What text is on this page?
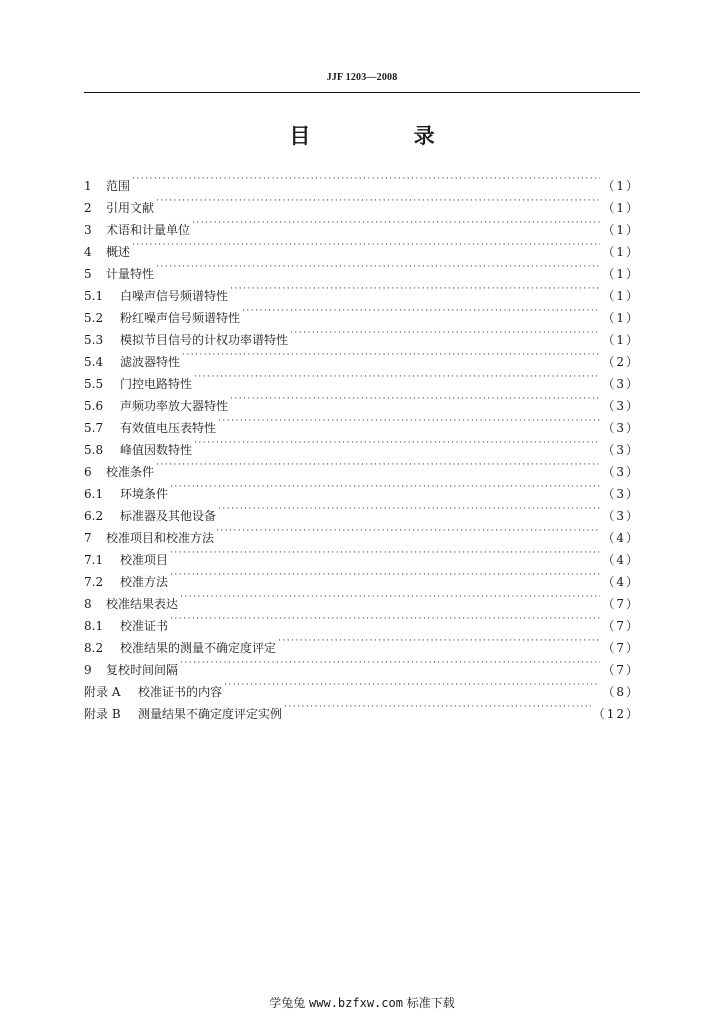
JJF 1203—2008
目 录
1	范围 ·····	（1）
2	引用文献 ·····	（1）
3	术语和计量单位 ·····	（1）
4	概述 ·····	（1）
5	计量特性 ·····	（1）
5.1	白噪声信号频谱特性 ·····	（1）
5.2	粉红噪声信号频谱特性 ·····	（1）
5.3	模拟节目信号的计权功率谱特性 ·····	（1）
5.4	滤波器特性 ·····	（2）
5.5	门控电路特性 ·····	（3）
5.6	声频功率放大器特性 ·····	（3）
5.7	有效值电压表特性 ·····	（3）
5.8	峰值因数特性 ·····	（3）
6	校准条件 ·····	（3）
6.1	环境条件 ·····	（3）
6.2	标准器及其他设备 ·····	（3）
7	校准项目和校准方法 ·····	（4）
7.1	校准项目 ·····	（4）
7.2	校准方法 ·····	（4）
8	校准结果表达 ·····	（7）
8.1	校准证书 ·····	（7）
8.2	校准结果的测量不确定度评定 ·····	（7）
9	复校时间间隔 ·····	（7）
附录 A	校准证书的内容 ·····	（8）
附录 B	测量结果不确定度评定实例 ·····	（12）
学兔兔 www.bzfxw.com 标准下载
